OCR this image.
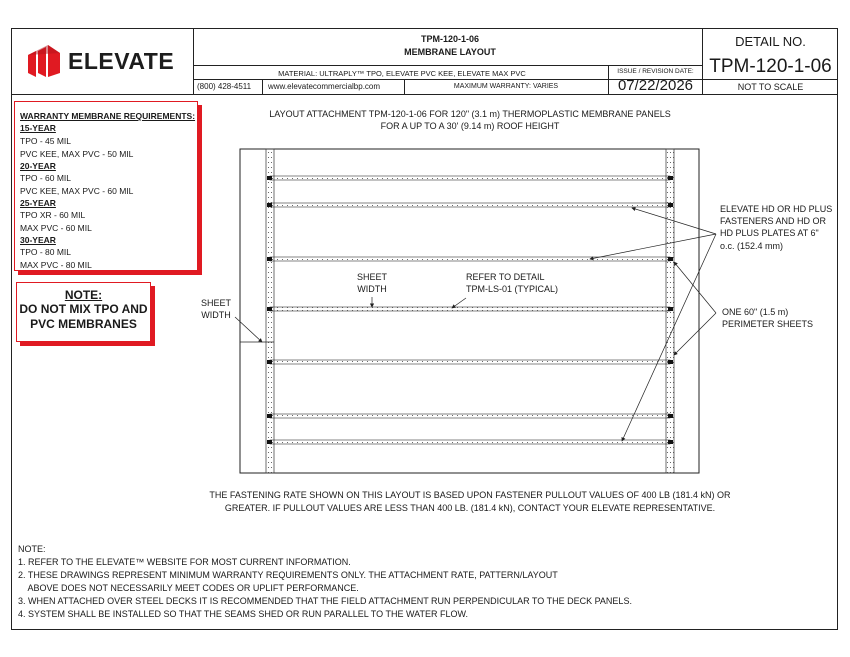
ELEVATE
TPM-120-1-06
MEMBRANE LAYOUT
MATERIAL: ULTRAPLY™ TPO, ELEVATE PVC KEE, ELEVATE MAX PVC
(800) 428-4511 www.elevatecommercialbp.com	MAXIMUM WARRANTY: VARIES
ISSUE / REVISION DATE:
07/22/2026
DETAIL NO.
TPM-120-1-06
NOT TO SCALE
WARRANTY MEMBRANE REQUIREMENTS:
15-YEAR
TPO - 45 MIL
PVC KEE, MAX PVC - 50 MIL
20-YEAR
TPO - 60 MIL
PVC KEE, MAX PVC - 60 MIL
25-YEAR
TPO XR - 60 MIL
MAX PVC - 60 MIL
30-YEAR
TPO - 80 MIL
MAX PVC - 80 MIL
NOTE:
DO NOT MIX TPO AND
PVC MEMBRANES
LAYOUT ATTACHMENT TPM-120-1-06 FOR 120" (3.1 m) THERMOPLASTIC MEMBRANE PANELS
FOR A UP TO A 30' (9.14 m) ROOF HEIGHT
SHEET
WIDTH
SHEET
WIDTH
REFER TO DETAIL
TPM-LS-01 (TYPICAL)
ELEVATE HD OR HD PLUS
FASTENERS AND HD OR
HD PLUS PLATES AT 6"
o.c. (152.4 mm)
ONE 60" (1.5 m)
PERIMETER SHEETS
THE FASTENING RATE SHOWN ON THIS LAYOUT IS BASED UPON FASTENER PULLOUT VALUES OF 400 LB (181.4 kN) OR
GREATER. IF PULLOUT VALUES ARE LESS THAN 400 LB. (181.4 kN), CONTACT YOUR ELEVATE REPRESENTATIVE.
NOTE:
1. REFER TO THE ELEVATE™ WEBSITE FOR MOST CURRENT INFORMATION.
2. THESE DRAWINGS REPRESENT MINIMUM WARRANTY REQUIREMENTS ONLY. THE ATTACHMENT RATE, PATTERN/LAYOUT
ABOVE DOES NOT NECESSARILY MEET CODES OR UPLIFT PERFORMANCE.
3. WHEN ATTACHED OVER STEEL DECKS IT IS RECOMMENDED THAT THE FIELD ATTACHMENT RUN PERPENDICULAR TO THE DECK PANELS.
4. SYSTEM SHALL BE INSTALLED SO THAT THE SEAMS SHED OR RUN PARALLEL TO THE WATER FLOW.
